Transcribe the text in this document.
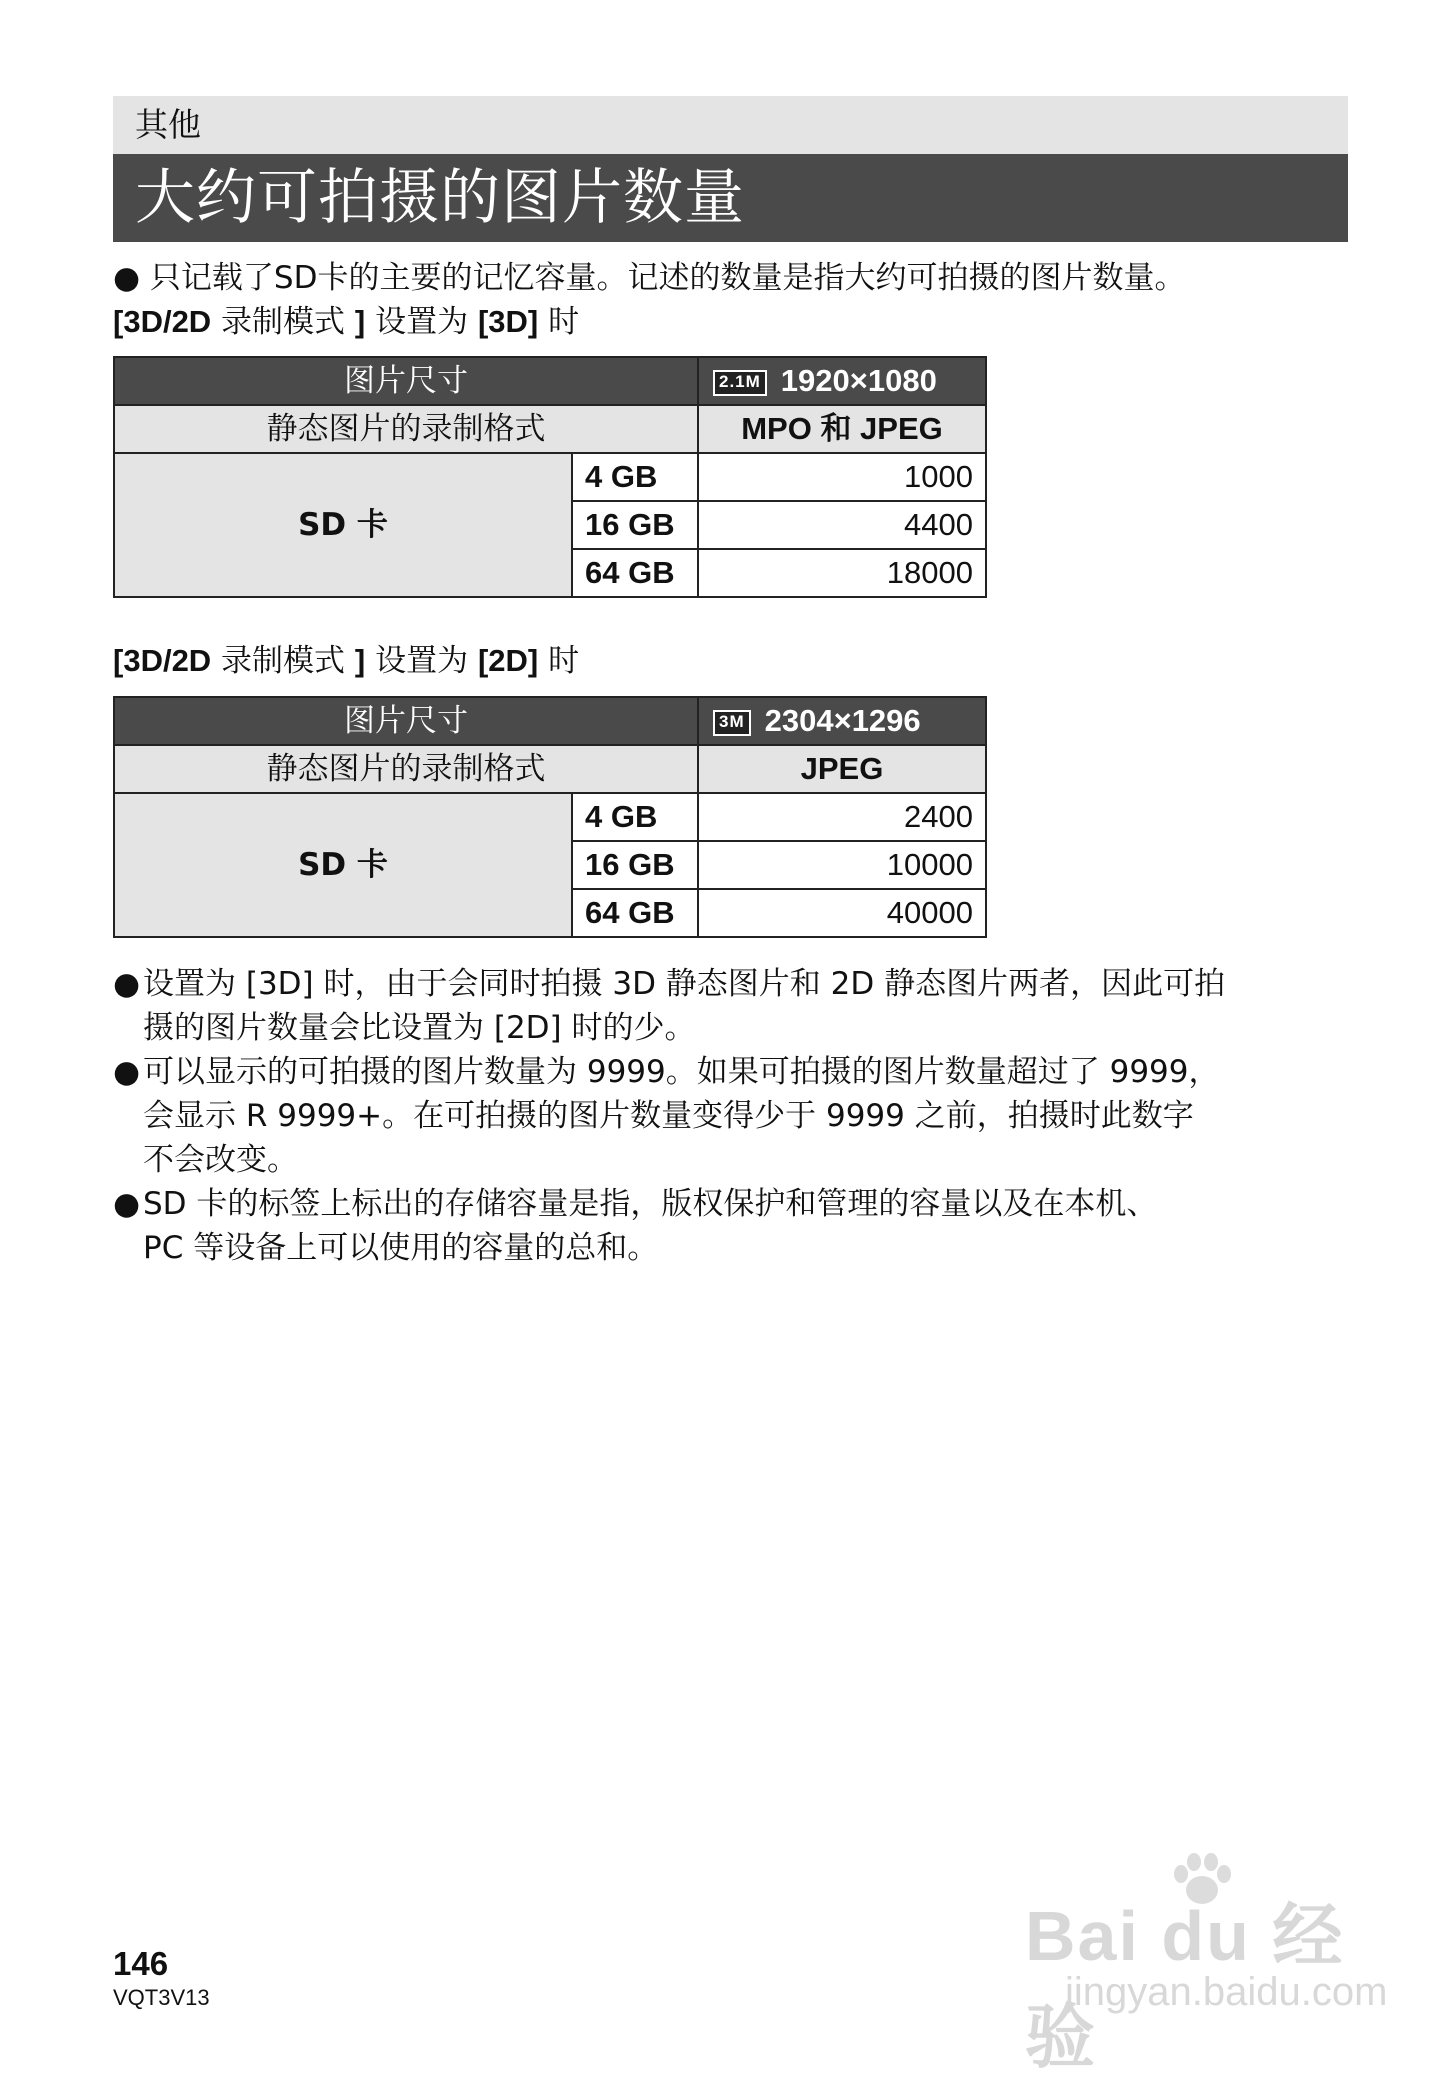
其他
大约可拍摄的图片数量
● 只记载了SD卡的主要的记忆容量。记述的数量是指大约可拍摄的图片数量。
[3D/2D 录制模式 ] 设置为 [3D] 时
图片尺寸		2.1M 1920×1080
静态图片的录制格式		MPO 和 JPEG
SD 卡	4 GB	1000
	16 GB	4400
	64 GB	18000
[3D/2D 录制模式 ] 设置为 [2D] 时
图片尺寸		3M 2304×1296
静态图片的录制格式		JPEG
SD 卡	4 GB	2400
	16 GB	10000
	64 GB	40000
● 设置为 [3D] 时，由于会同时拍摄 3D 静态图片和 2D 静态图片两者，因此可拍
摄的图片数量会比设置为 [2D] 时的少。
● 可以显示的可拍摄的图片数量为 9999。如果可拍摄的图片数量超过了 9999，
会显示 R 9999+。在可拍摄的图片数量变得少于 9999 之前，拍摄时此数字
不会改变。
● SD 卡的标签上标出的存储容量是指，版权保护和管理的容量以及在本机、
PC 等设备上可以使用的容量的总和。
146
VQT3V13
Bai du 经验
jingyan.baidu.com
